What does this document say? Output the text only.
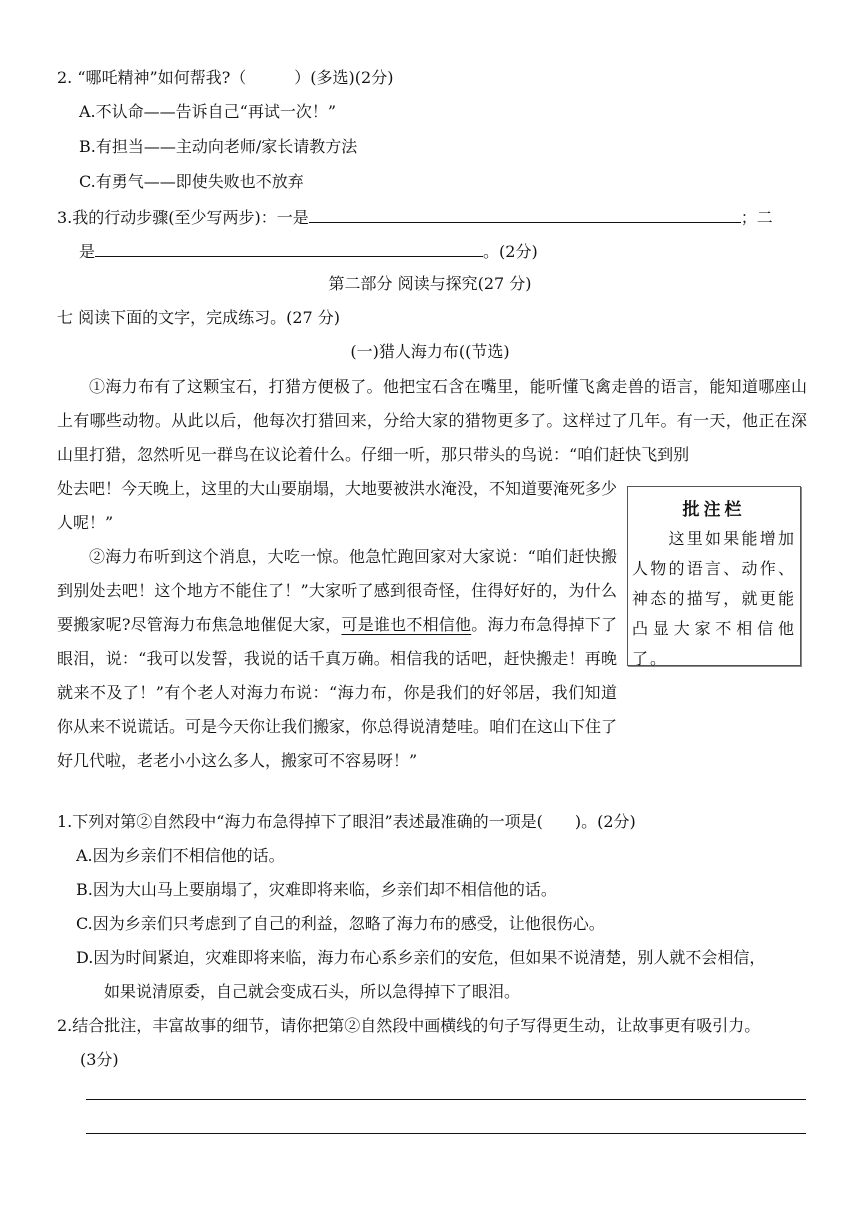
2. “哪吒精神”如何帮我?（　　　）(多选)(2分)
A.不认命——告诉自己“再试一次！”
B.有担当——主动向老师/家长请教方法
C.有勇气——即使失败也不放弃
3.我的行动步骤(至少写两步)：一是	；二
是	。(2分)
第二部分 阅读与探究(27 分)
七 阅读下面的文字，完成练习。(27 分)
(一)猎人海力布((节选)
①海力布有了这颗宝石，打猎方便极了。他把宝石含在嘴里，能听懂飞禽走兽的语言，能知道哪座山上有哪些动物。从此以后，他每次打猎回来，分给大家的猎物更多了。这样过了几年。有一天，他正在深山里打猎，忽然听见一群鸟在议论着什么。仔细一听，那只带头的鸟说：“咱们赶快飞到别
处去吧！今天晚上，这里的大山要崩塌，大地要被洪水淹没，不知道要淹死多少人呢！”
②海力布听到这个消息，大吃一惊。他急忙跑回家对大家说：“咱们赶快搬到别处去吧！这个地方不能住了！”大家听了感到很奇怪，住得好好的，为什么要搬家呢?尽管海力布焦急地催促大家，可是谁也不相信他。海力布急得掉下了眼泪，说：“我可以发誓，我说的话千真万确。相信我的话吧，赶快搬走！再晚就来不及了！”有个老人对海力布说：“海力布，你是我们的好邻居，我们知道你从来不说谎话。可是今天你让我们搬家，你总得说清楚哇。咱们在这山下住了好几代啦，老老小小这么多人，搬家可不容易呀！”
批注栏
　　这里如果能增加人物的语言、动作、神态的描写，就更能凸显大家不相信他了。
1.下列对第②自然段中“海力布急得掉下了眼泪”表述最准确的一项是(　　)。(2分)
A.因为乡亲们不相信他的话。
B.因为大山马上要崩塌了，灾难即将来临，乡亲们却不相信他的话。
C.因为乡亲们只考虑到了自己的利益，忽略了海力布的感受，让他很伤心。
D.因为时间紧迫，灾难即将来临，海力布心系乡亲们的安危，但如果不说清楚，别人就不会相信，
如果说清原委，自己就会变成石头，所以急得掉下了眼泪。
2.结合批注，丰富故事的细节，请你把第②自然段中画横线的句子写得更生动，让故事更有吸引力。
(3分)
